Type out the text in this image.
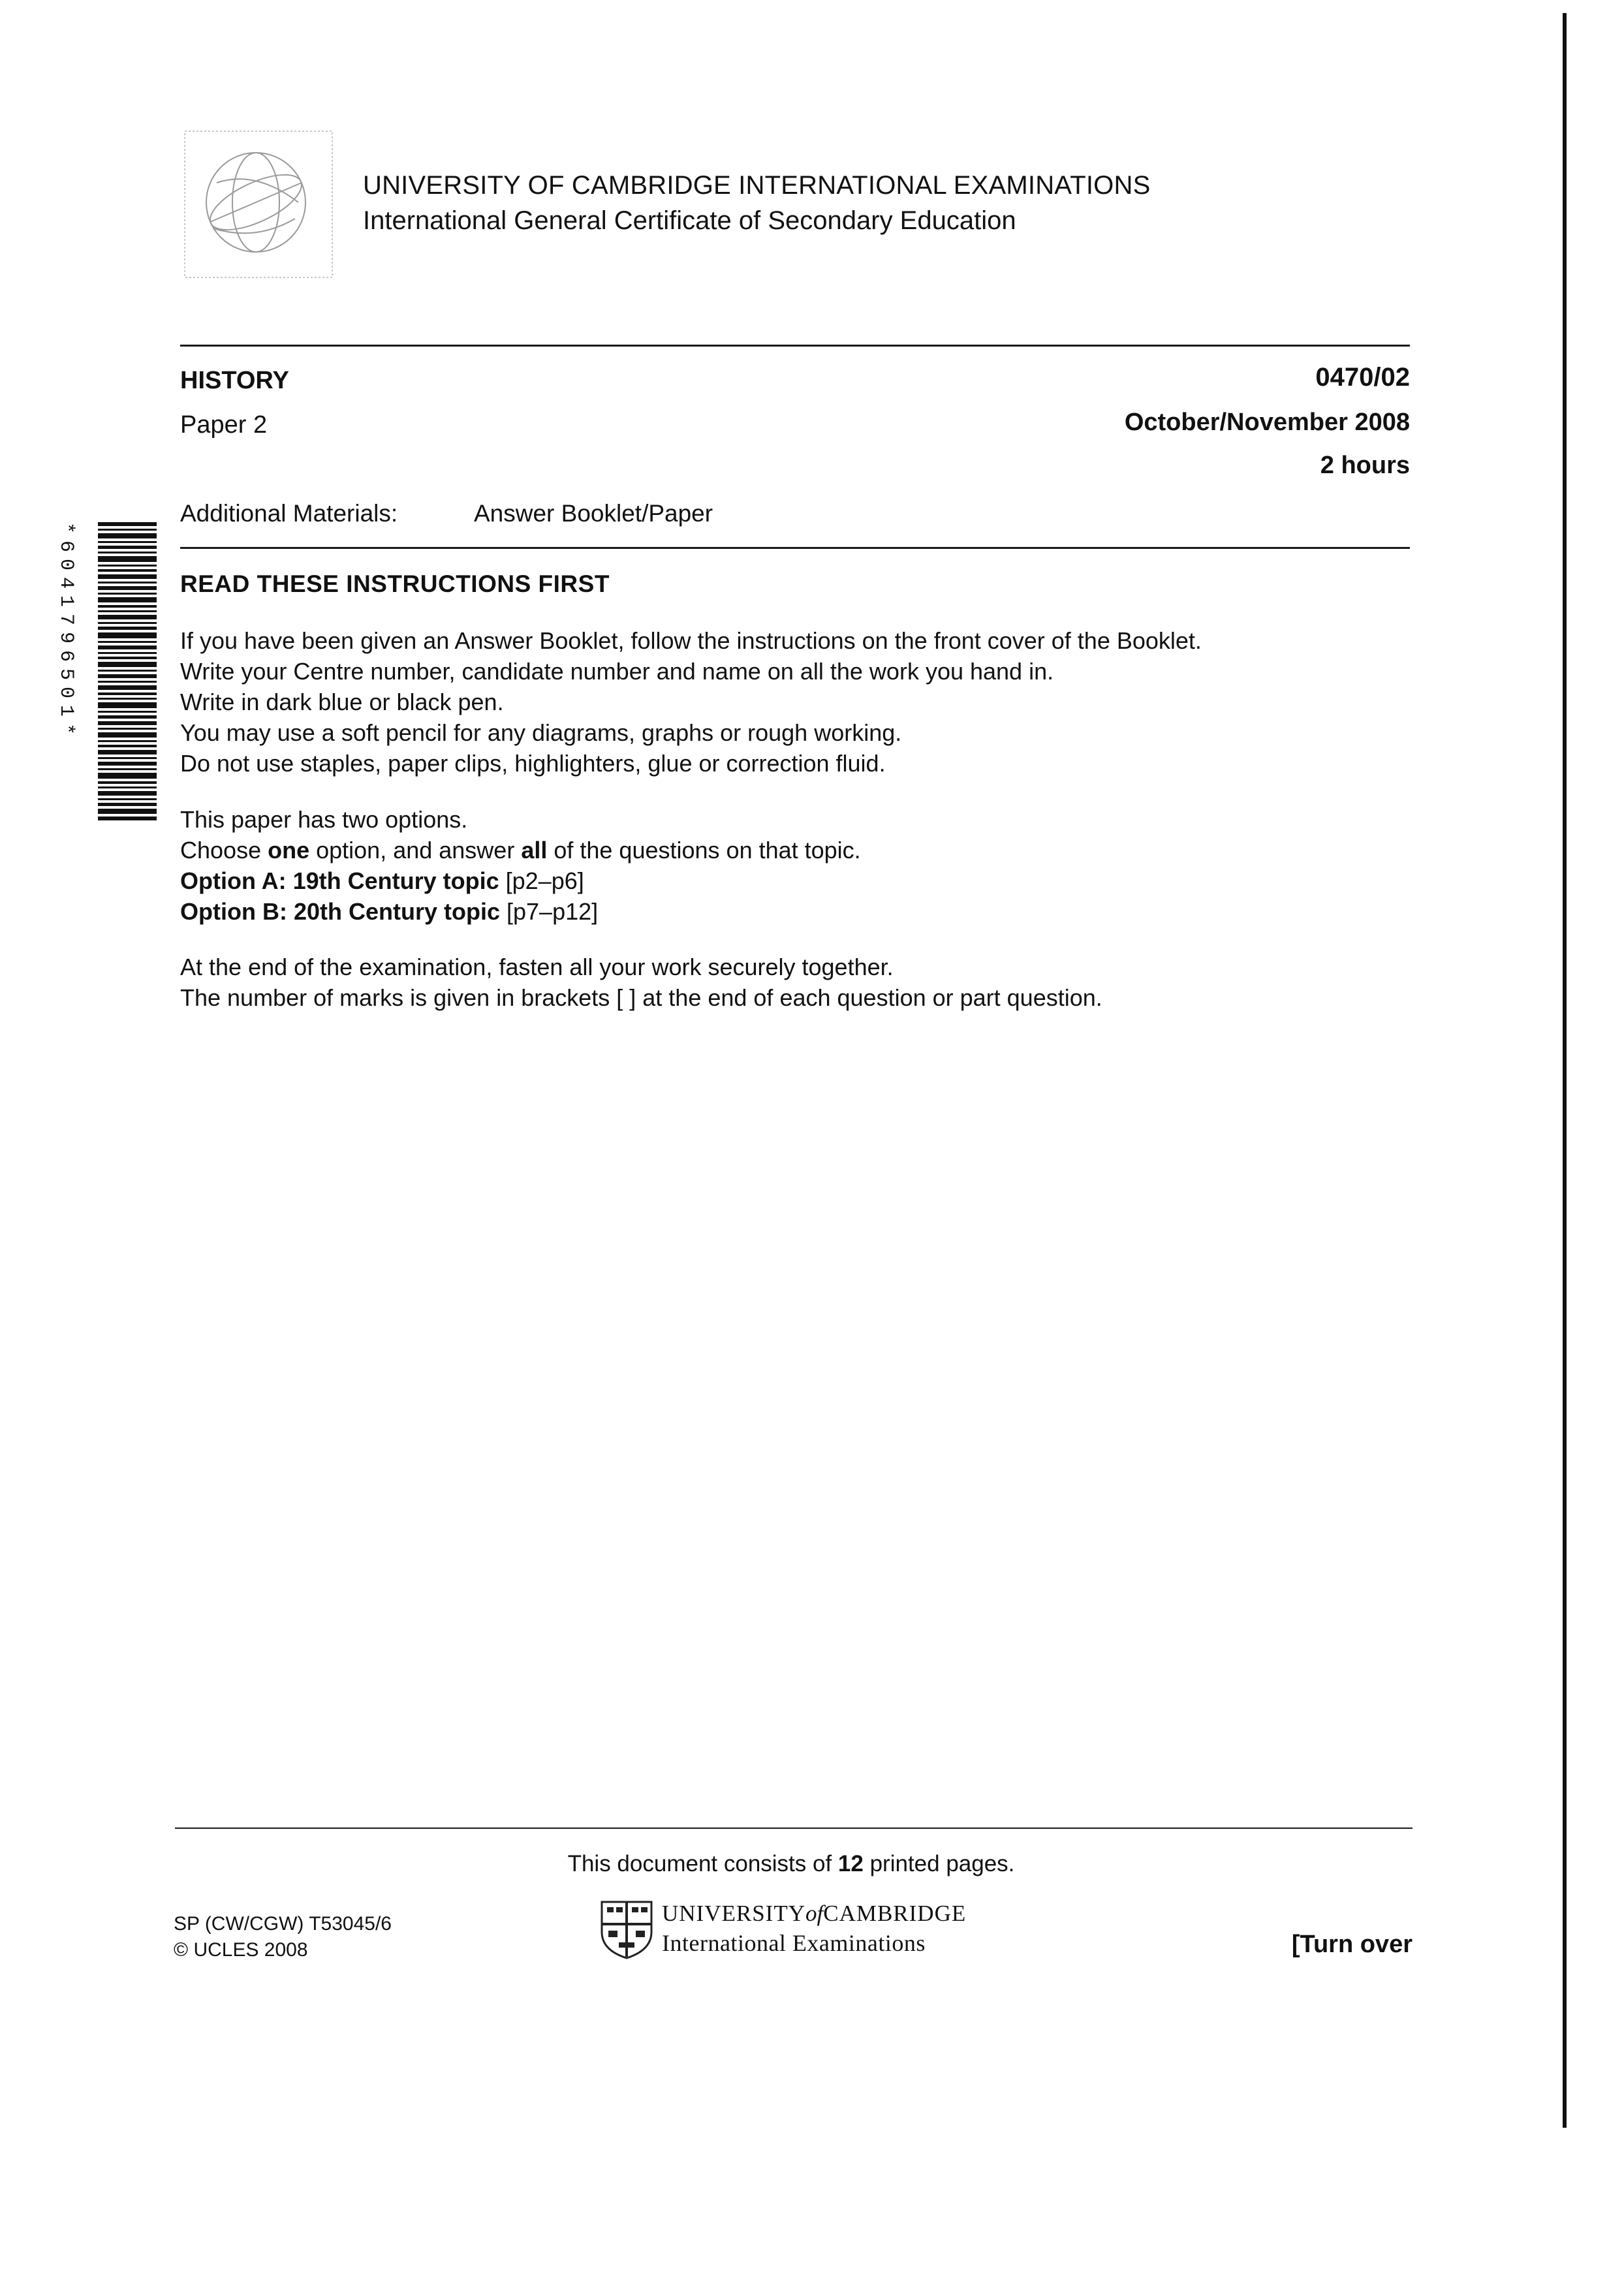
UNIVERSITY OF CAMBRIDGE INTERNATIONAL EXAMINATIONS
International General Certificate of Secondary Education
HISTORY
Paper 2
0470/02
October/November 2008
2 hours
Additional Materials:	Answer Booklet/Paper
*6041796501*	READ THESE INSTRUCTIONS FIRST
If you have been given an Answer Booklet, follow the instructions on the front cover of the Booklet.
Write your Centre number, candidate number and name on all the work you hand in.
Write in dark blue or black pen.
You may use a soft pencil for any diagrams, graphs or rough working.
Do not use staples, paper clips, highlighters, glue or correction fluid.
This paper has two options.
Choose one option, and answer all of the questions on that topic.
Option A: 19th Century topic [p2–p6]
Option B: 20th Century topic [p7–p12]
At the end of the examination, fasten all your work securely together.
The number of marks is given in brackets [ ] at the end of each question or part question.
This document consists of 12 printed pages.
SP (CW/CGW) T53045/6
© UCLES 2008
UNIVERSITYofCAMBRIDGE
International Examinations	[Turn over
